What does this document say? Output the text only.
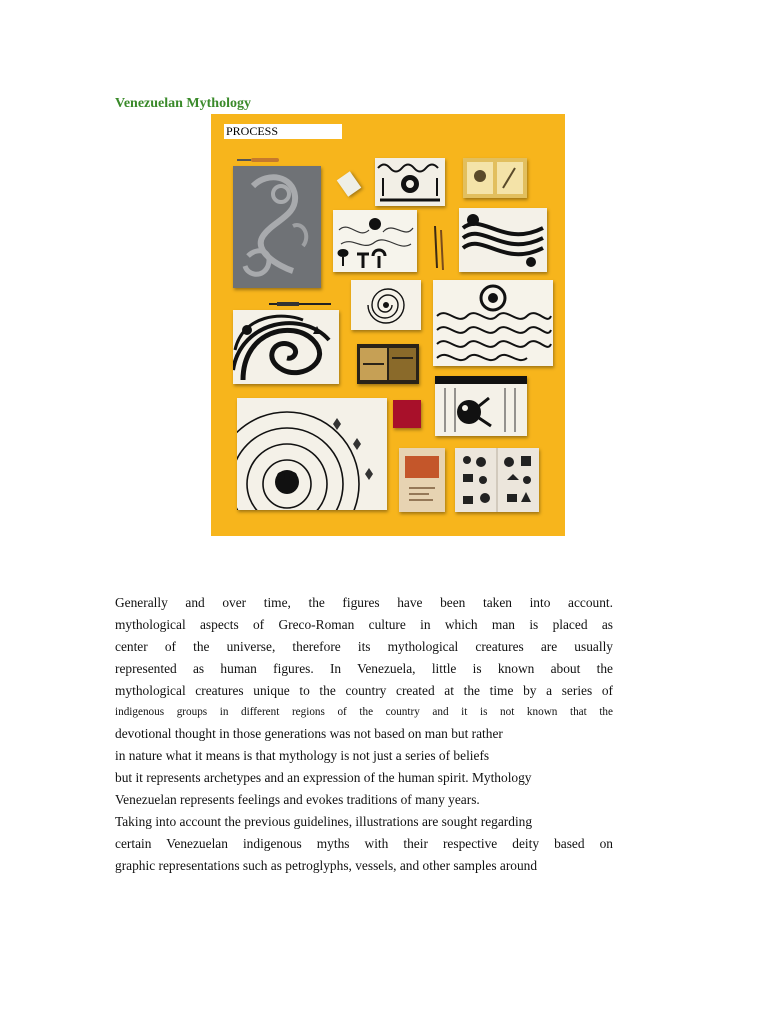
Venezuelan Mythology
PROCESS
Generally and over time, the figures have been taken into account.
mythological aspects of Greco-Roman culture in which man is placed as
center of the universe, therefore its mythological creatures are usually
represented as human figures. In Venezuela, little is known about the
mythological creatures unique to the country created at the time by a series of
indigenous groups in different regions of the country and it is not known that the
devotional thought in those generations was not based on man but rather
in nature what it means is that mythology is not just a series of beliefs
but it represents archetypes and an expression of the human spirit. Mythology
Venezuelan represents feelings and evokes traditions of many years.
Taking into account the previous guidelines, illustrations are sought regarding
certain Venezuelan indigenous myths with their respective deity based on
graphic representations such as petroglyphs, vessels, and other samples around
